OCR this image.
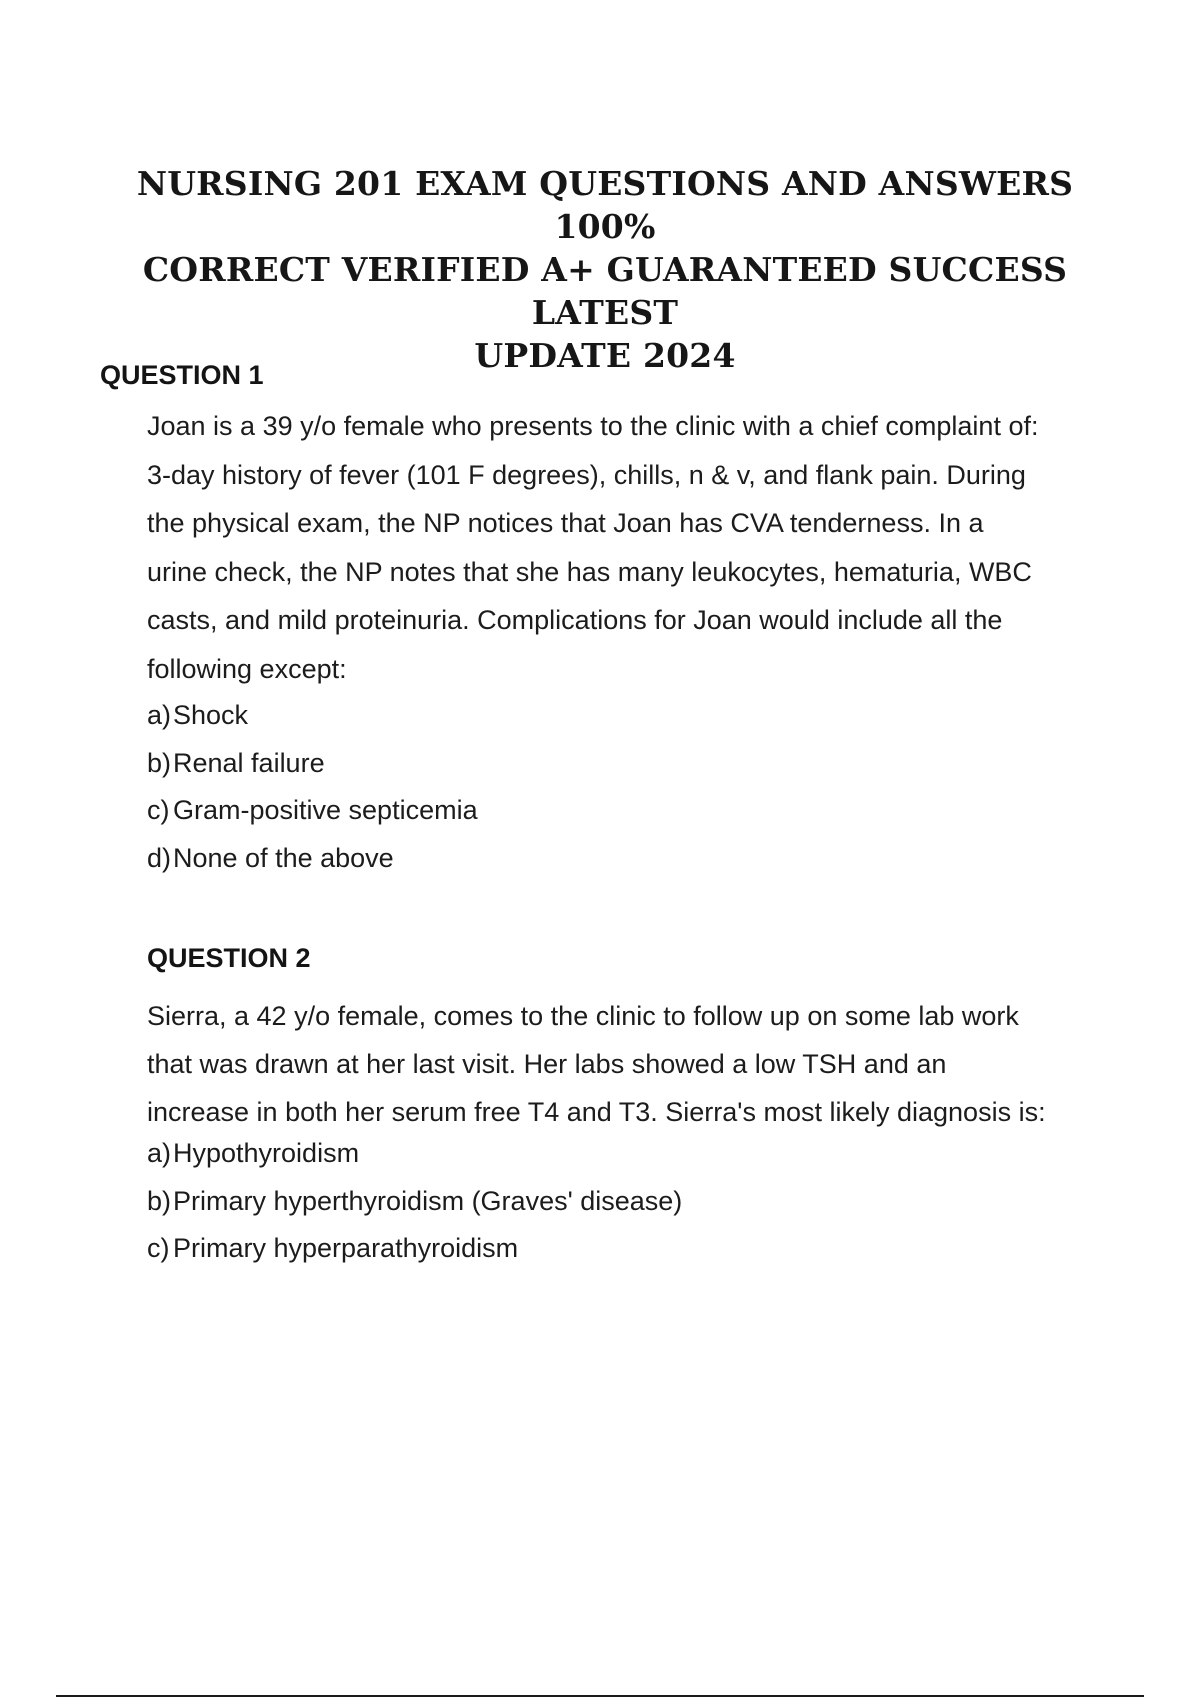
NURSING 201 EXAM QUESTIONS AND ANSWERS 100%
CORRECT VERIFIED A+ GUARANTEED SUCCESS LATEST
UPDATE 2024
QUESTION 1
Joan is a 39 y/o female who presents to the clinic with a chief complaint of:
3-day history of fever (101 F degrees), chills, n & v, and flank pain. During
the physical exam, the NP notices that Joan has CVA tenderness. In a
urine check, the NP notes that she has many leukocytes, hematuria, WBC
casts, and mild proteinuria. Complications for Joan would include all the
following except:
a)Shock
b)Renal failure
c) Gram-positive septicemia
d)None of the above
QUESTION 2
Sierra, a 42 y/o female, comes to the clinic to follow up on some lab work
that was drawn at her last visit. Her labs showed a low TSH and an
increase in both her serum free T4 and T3. Sierra's most likely diagnosis is:
a)Hypothyroidism
b)Primary hyperthyroidism (Graves' disease)
c) Primary hyperparathyroidism
